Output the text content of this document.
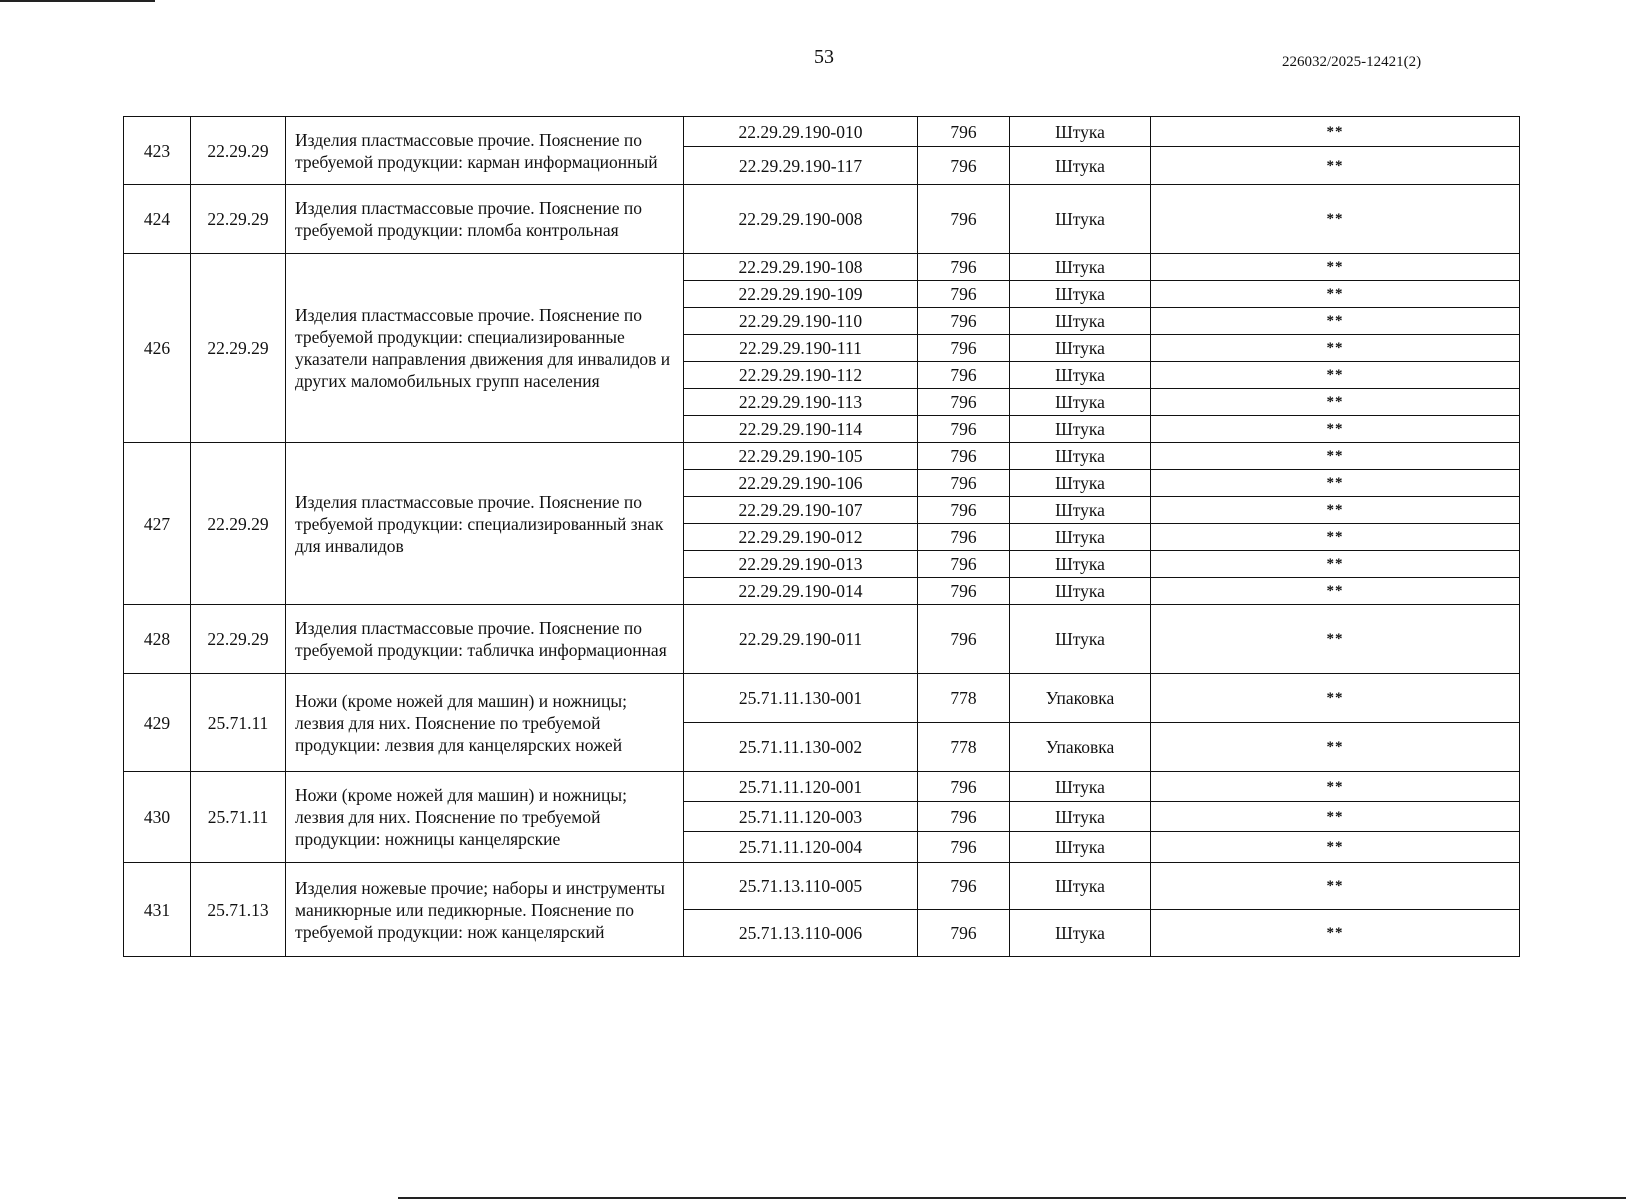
53	226032/2025-12421(2)
423	22.29.29	Изделия пластмассовые прочие. Пояснение по требуемой продукции: карман информационный	22.29.29.190-010	796	Штука	**
			22.29.29.190-117	796	Штука	**
424	22.29.29	Изделия пластмассовые прочие. Пояснение по требуемой продукции: пломба контрольная	22.29.29.190-008	796	Штука	**
426	22.29.29	Изделия пластмассовые прочие. Пояснение по требуемой продукции: специализированные указатели направления движения для инвалидов и других маломобильных групп населения	22.29.29.190-108	796	Штука	**
			22.29.29.190-109	796	Штука	**
			22.29.29.190-110	796	Штука	**
			22.29.29.190-111	796	Штука	**
			22.29.29.190-112	796	Штука	**
			22.29.29.190-113	796	Штука	**
			22.29.29.190-114	796	Штука	**
427	22.29.29	Изделия пластмассовые прочие. Пояснение по требуемой продукции: специализированный знак для инвалидов	22.29.29.190-105	796	Штука	**
			22.29.29.190-106	796	Штука	**
			22.29.29.190-107	796	Штука	**
			22.29.29.190-012	796	Штука	**
			22.29.29.190-013	796	Штука	**
			22.29.29.190-014	796	Штука	**
428	22.29.29	Изделия пластмассовые прочие. Пояснение по требуемой продукции: табличка информационная	22.29.29.190-011	796	Штука	**
429	25.71.11	Ножи (кроме ножей для машин) и ножницы; лезвия для них. Пояснение по требуемой продукции: лезвия для канцелярских ножей	25.71.11.130-001	778	Упаковка	**
			25.71.11.130-002	778	Упаковка	**
430	25.71.11	Ножи (кроме ножей для машин) и ножницы; лезвия для них. Пояснение по требуемой продукции: ножницы канцелярские	25.71.11.120-001	796	Штука	**
			25.71.11.120-003	796	Штука	**
			25.71.11.120-004	796	Штука	**
431	25.71.13	Изделия ножевые прочие; наборы и инструменты маникюрные или педикюрные. Пояснение по требуемой продукции: нож канцелярский	25.71.13.110-005	796	Штука	**
			25.71.13.110-006	796	Штука	**
